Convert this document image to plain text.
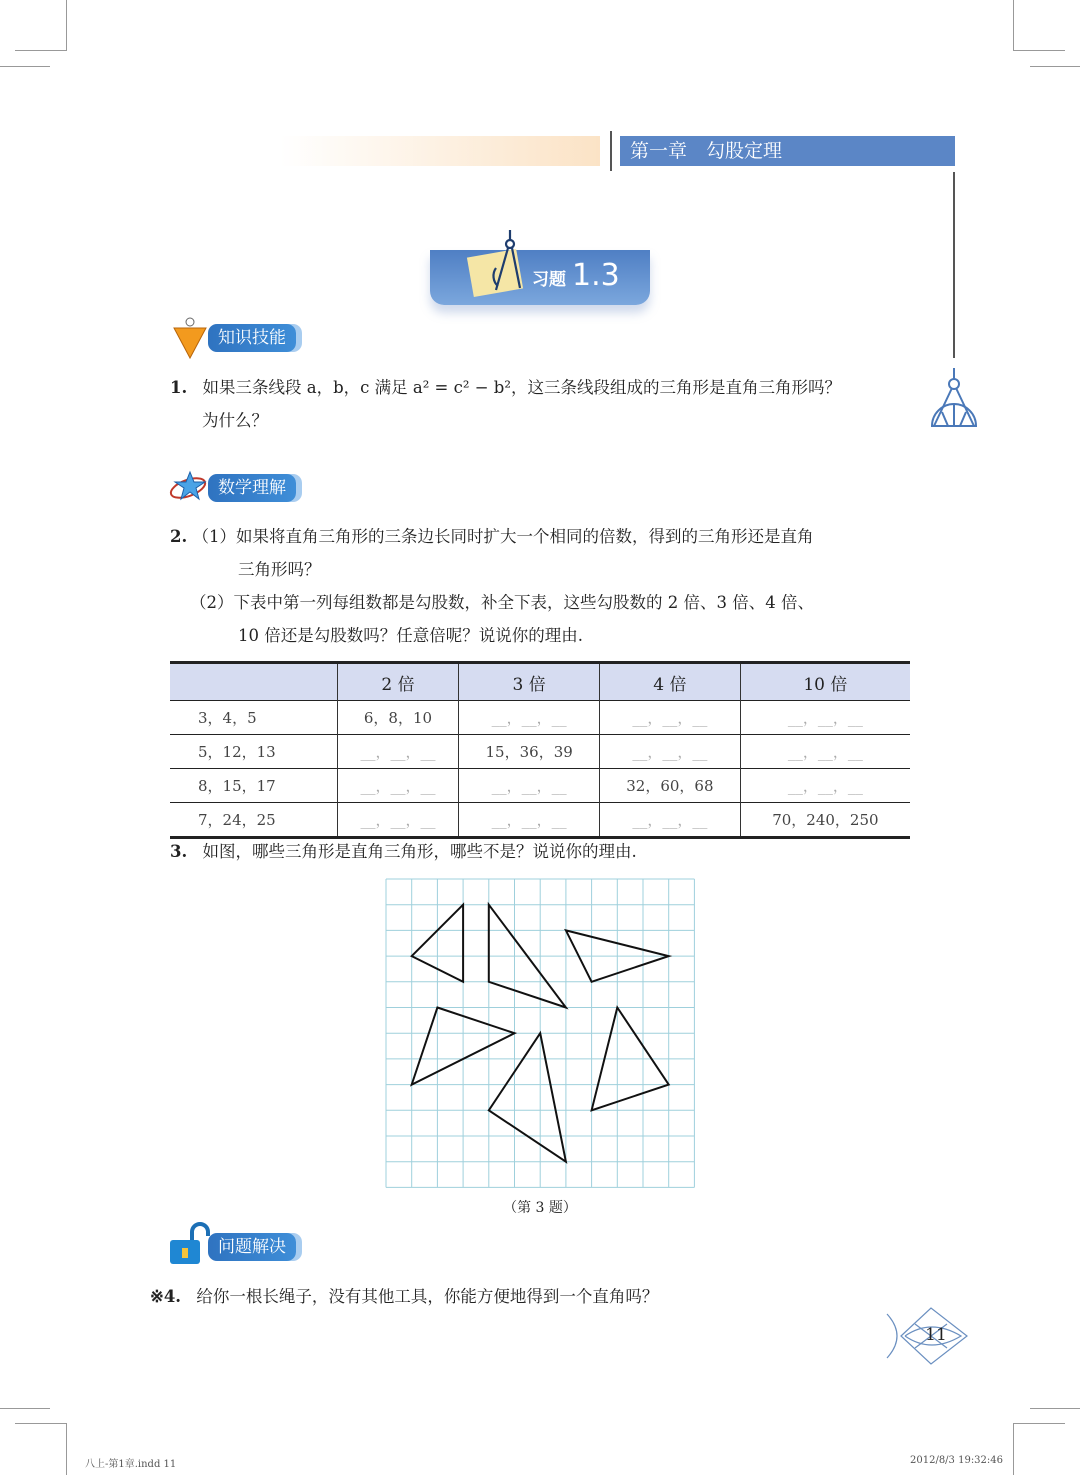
第一章　勾股定理
习题 1.3
知识技能
1. 如果三条线段 a，b，c 满足 a² = c² − b²，这三条线段组成的三角形是直角三角形吗？
为什么？
数学理解
2. （1）如果将直角三角形的三条边长同时扩大一个相同的倍数，得到的三角形还是直角
三角形吗？
（2）下表中第一列每组数都是勾股数，补全下表，这些勾股数的 2 倍、3 倍、4 倍、
10 倍还是勾股数吗？任意倍呢？说说你的理由.
	2 倍	3 倍	4 倍	10 倍
3，4，5	6，8，10	__，__，__	__，__，__	__，__，__
5，12，13	__，__，__	15，36，39	__，__，__	__，__，__
8，15，17	__，__，__	__，__，__	32，60，68	__，__，__
7，24，25	__，__，__	__，__，__	__，__，__	70，240，250
3. 如图，哪些三角形是直角三角形，哪些不是？说说你的理由.
（第 3 题）
问题解决
※4. 给你一根长绳子，没有其他工具，你能方便地得到一个直角吗？
11
八上-第1章.indd 11	2012/8/3 19:32:46
